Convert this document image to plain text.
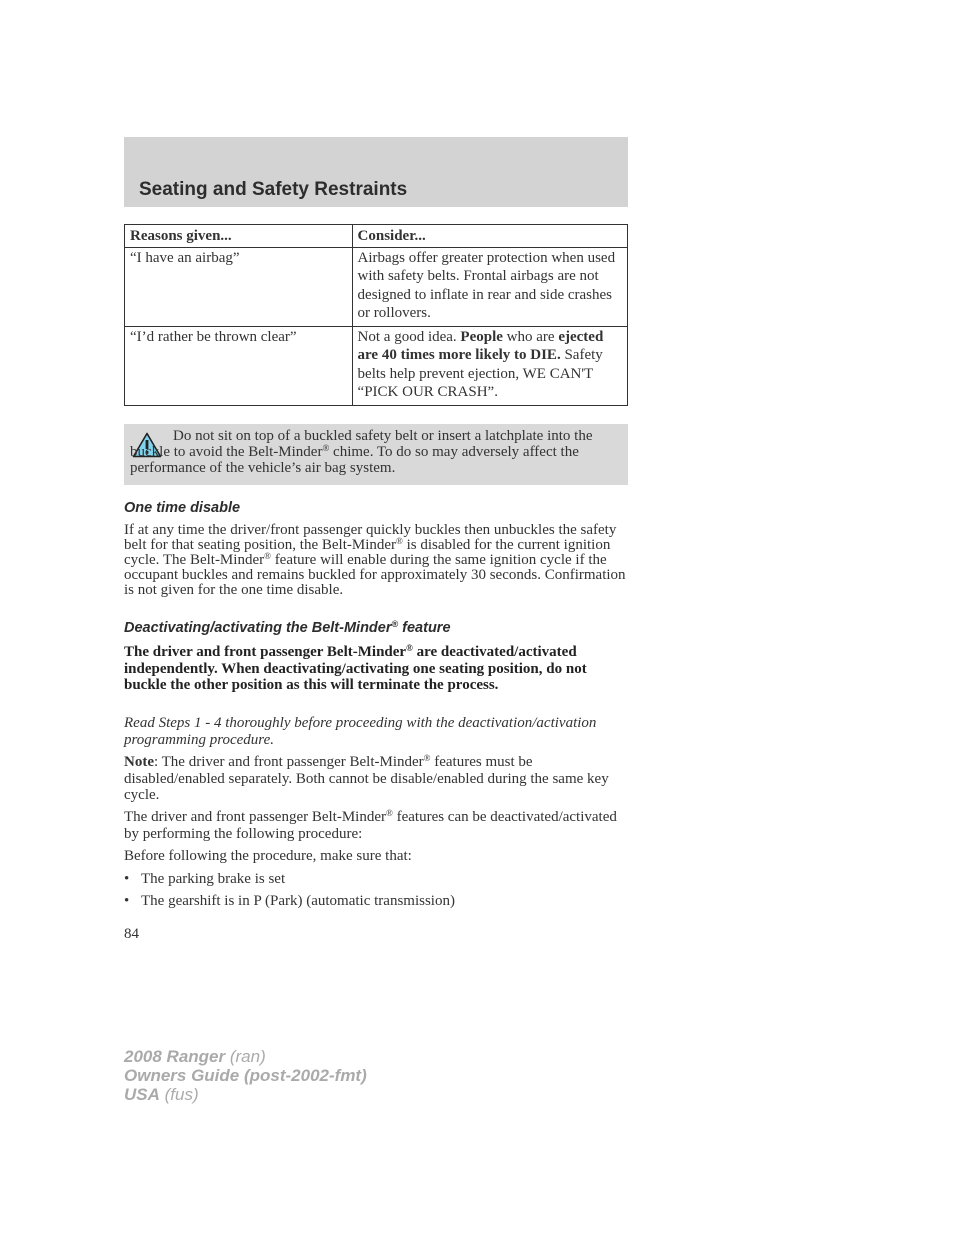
Seating and Safety Restraints
Reasons given...	Consider...
“I have an airbag”	Airbags offer greater protection when used with safety belts. Frontal airbags are not designed to inflate in rear and side crashes or rollovers.
“I’d rather be thrown clear”	Not a good idea. People who are ejected are 40 times more likely to DIE. Safety belts help prevent ejection, WE CAN'T “PICK OUR CRASH”.
Do not sit on top of a buckled safety belt or insert a latchplate into the buckle to avoid the Belt-Minder® chime. To do so may adversely affect the performance of the vehicle’s air bag system.
One time disable
If at any time the driver/front passenger quickly buckles then unbuckles the safety belt for that seating position, the Belt-Minder® is disabled for the current ignition cycle. The Belt-Minder® feature will enable during the same ignition cycle if the occupant buckles and remains buckled for approximately 30 seconds. Confirmation is not given for the one time disable.
Deactivating/activating the Belt-Minder® feature
The driver and front passenger Belt-Minder® are deactivated/activated independently. When deactivating/activating one seating position, do not buckle the other position as this will terminate the process.
Read Steps 1 - 4 thoroughly before proceeding with the deactivation/activation programming procedure.
Note: The driver and front passenger Belt-Minder® features must be disabled/enabled separately. Both cannot be disable/enabled during the same key cycle.
The driver and front passenger Belt-Minder® features can be deactivated/activated by performing the following procedure:
Before following the procedure, make sure that:
• The parking brake is set
• The gearshift is in P (Park) (automatic transmission)
84
2008 Ranger (ran)
Owners Guide (post-2002-fmt)
USA (fus)
